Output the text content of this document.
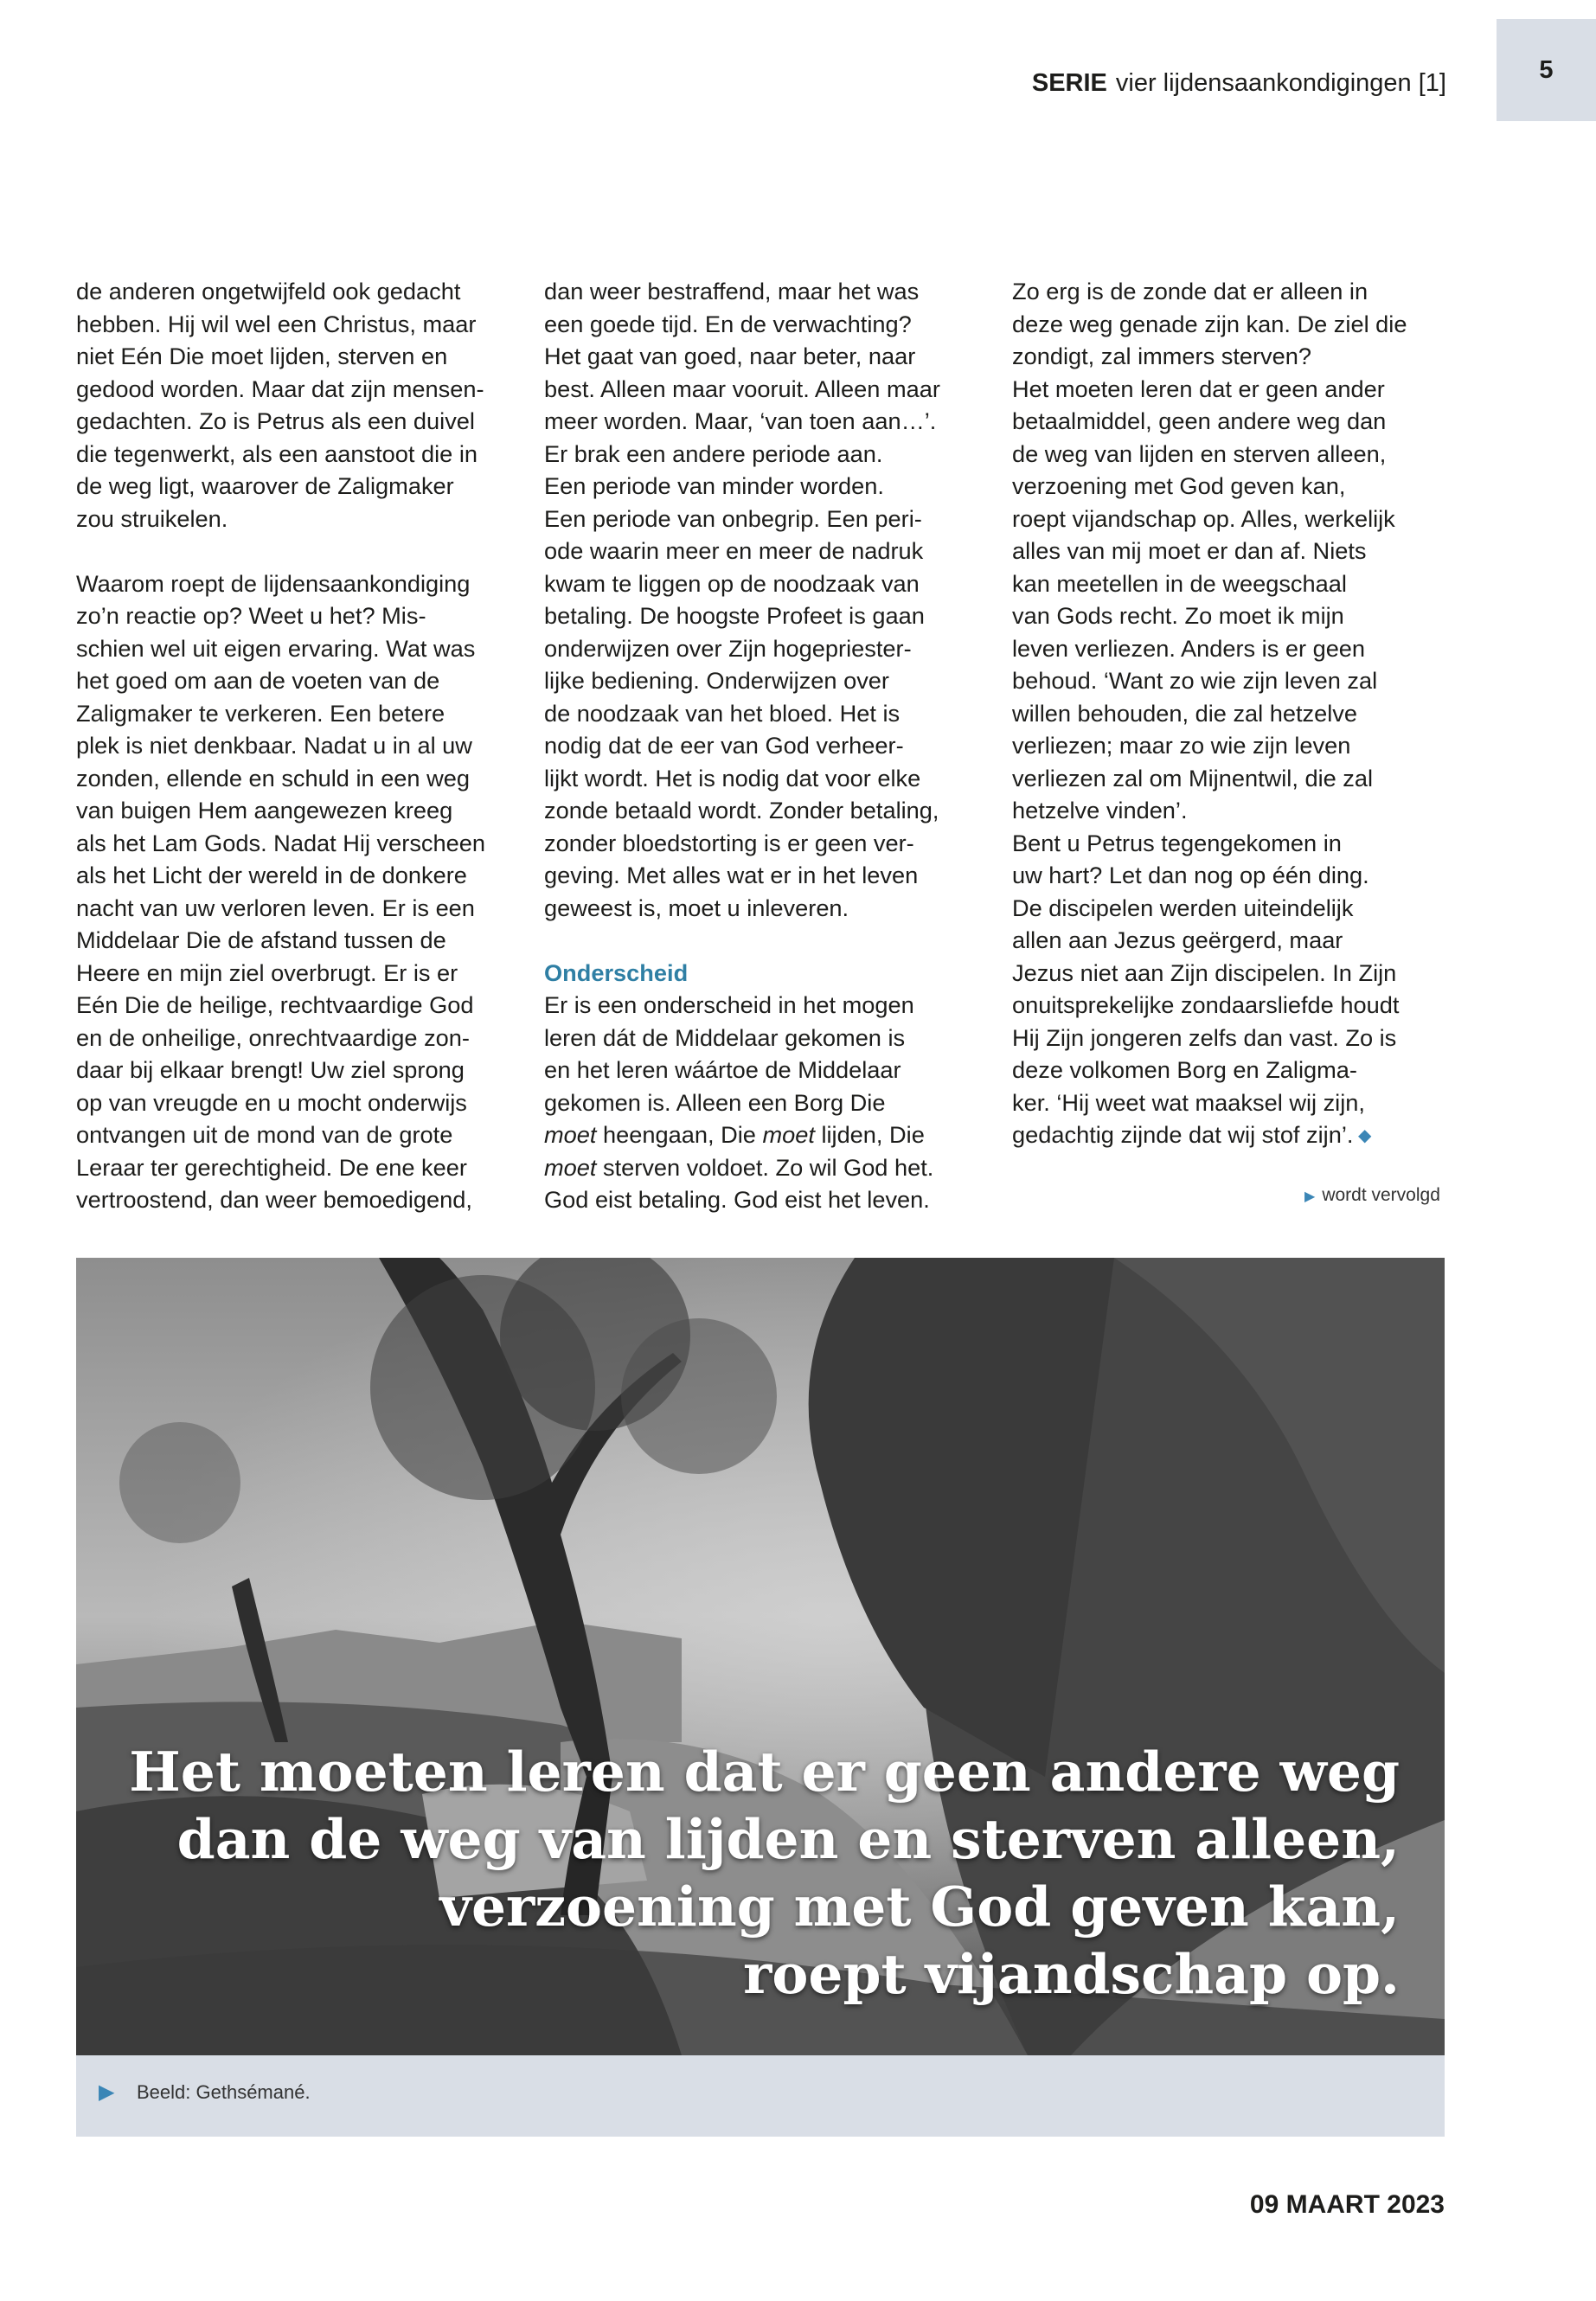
SERIE vier lijdensaankondigingen [1]	5

de anderen ongetwijfeld ook gedacht

hebben. Hij wil wel een Christus, maar

niet Eén Die moet lijden, sterven en

gedood worden. Maar dat zijn mensen-

gedachten. Zo is Petrus als een duivel

die tegenwerkt, als een aanstoot die in

de weg ligt, waarover de Zaligmaker

zou struikelen.

Waarom roept de lijdensaankondiging

zo’n reactie op? Weet u het? Mis-

schien wel uit eigen ervaring. Wat was

het goed om aan de voeten van de

Zaligmaker te verkeren. Een betere

plek is niet denkbaar. Nadat u in al uw

zonden, ellende en schuld in een weg

van buigen Hem aangewezen kreeg

als het Lam Gods. Nadat Hij verscheen

als het Licht der wereld in de donkere

nacht van uw verloren leven. Er is een

Middelaar Die de afstand tussen de

Heere en mijn ziel overbrugt. Er is er

Eén Die de heilige, rechtvaardige God

en de onheilige, onrechtvaardige zon-

daar bij elkaar brengt! Uw ziel sprong

op van vreugde en u mocht onderwijs

ontvangen uit de mond van de grote

Leraar ter gerechtigheid. De ene keer

vertroostend, dan weer bemoedigend,

dan weer bestraffend, maar het was

een goede tijd. En de verwachting?

Het gaat van goed, naar beter, naar

best. Alleen maar vooruit. Alleen maar

meer worden. Maar, ‘van toen aan…’.

Er brak een andere periode aan.

Een periode van minder worden.

Een periode van onbegrip. Een peri-

ode waarin meer en meer de nadruk

kwam te liggen op de noodzaak van

betaling. De hoogste Profeet is gaan

onderwijzen over Zijn hogepriester-

lijke bediening. Onderwijzen over

de noodzaak van het bloed. Het is

nodig dat de eer van God verheer-

lijkt wordt. Het is nodig dat voor elke

zonde betaald wordt. Zonder betaling,

zonder bloedstorting is er geen ver-

geving. Met alles wat er in het leven

geweest is, moet u inleveren.

Onderscheid

Er is een onderscheid in het mogen

leren dát de Middelaar gekomen is

en het leren wáártoe de Middelaar

gekomen is. Alleen een Borg Die

moet heengaan, Die moet lijden, Die

moet sterven voldoet. Zo wil God het.

God eist betaling. God eist het leven.

Zo erg is de zonde dat er alleen in

deze weg genade zijn kan. De ziel die

zondigt, zal immers sterven?

Het moeten leren dat er geen ander

betaalmiddel, geen andere weg dan

de weg van lijden en sterven alleen,

verzoening met God geven kan,

roept vijandschap op. Alles, werkelijk

alles van mij moet er dan af. Niets

kan meetellen in de weegschaal

van Gods recht. Zo moet ik mijn

leven verliezen. Anders is er geen

behoud. ‘Want zo wie zijn leven zal

willen behouden, die zal hetzelve

verliezen; maar zo wie zijn leven

verliezen zal om Mijnentwil, die zal

hetzelve vinden’.

Bent u Petrus tegengekomen in

uw hart? Let dan nog op één ding.

De discipelen werden uiteindelijk

allen aan Jezus geërgerd, maar

Jezus niet aan Zijn discipelen. In Zijn

onuitsprekelijke zondaarsliefde houdt

Hij Zijn jongeren zelfs dan vast. Zo is

deze volkomen Borg en Zaligma-

ker. ‘Hij weet wat maaksel wij zijn,

gedachtig zijnde dat wij stof zijn’. ◆

▶ wordt vervolgd
Het moeten leren dat er geen andere weg
dan de weg van lijden en sterven alleen,
verzoening met God geven kan,
roept vijandschap op.
▶ Beeld: Gethsémané.
09 MAART 2023
